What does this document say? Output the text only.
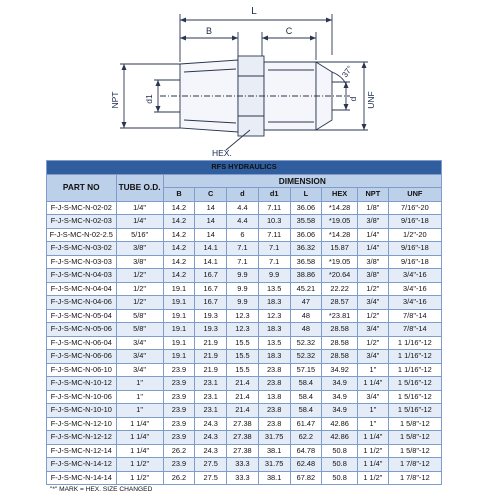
L
B	C
NPT	d1	d UNF
37°
HEX.
RFS HYDRAULICS									
PART NO	TUBE O.D.	DIMENSION							
		B	C	d	d1	L	HEX	NPT	UNF
F-J-S-MC-N-02-02	1/4"	14.2	14	4.4	7.11	36.06	*14.28	1/8"	7/16"-20
F-J-S-MC-N-02-03	1/4"	14.2	14	4.4	10.3	35.58	*19.05	3/8"	9/16"-18
F-J-S-MC-N-02-2.5	5/16"	14.2	14	6	7.11	36.06	*14.28	1/4"	1/2"-20
F-J-S-MC-N-03-02	3/8"	14.2	14.1	7.1	7.1	36.32	15.87	1/4"	9/16"-18
F-J-S-MC-N-03-03	3/8"	14.2	14.1	7.1	7.1	36.58	*19.05	3/8"	9/16"-18
F-J-S-MC-N-04-03	1/2"	14.2	16.7	9.9	9.9	38.86	*20.64	3/8"	3/4"-16
F-J-S-MC-N-04-04	1/2"	19.1	16.7	9.9	13.5	45.21	22.22	1/2"	3/4"-16
F-J-S-MC-N-04-06	1/2"	19.1	16.7	9.9	18.3	47	28.57	3/4"	3/4"-16
F-J-S-MC-N-05-04	5/8"	19.1	19.3	12.3	12.3	48	*23.81	1/2"	7/8"-14
F-J-S-MC-N-05-06	5/8"	19.1	19.3	12.3	18.3	48	28.58	3/4"	7/8"-14
F-J-S-MC-N-06-04	3/4"	19.1	21.9	15.5	13.5	52.32	28.58	1/2"	1 1/16"-12
F-J-S-MC-N-06-06	3/4"	19.1	21.9	15.5	18.3	52.32	28.58	3/4"	1 1/16"-12
F-J-S-MC-N-06-10	3/4"	23.9	21.9	15.5	23.8	57.15	34.92	1"	1 1/16"-12
F-J-S-MC-N-10-12	1"	23.9	23.1	21.4	23.8	58.4	34.9	1 1/4"	1 5/16"-12
F-J-S-MC-N-10-06	1"	23.9	23.1	21.4	13.8	58.4	34.9	3/4"	1 5/16"-12
F-J-S-MC-N-10-10	1"	23.9	23.1	21.4	23.8	58.4	34.9	1"	1 5/16"-12
F-J-S-MC-N-12-10	1 1/4"	23.9	24.3	27.38	23.8	61.47	42.86	1"	1 5/8"-12
F-J-S-MC-N-12-12	1 1/4"	23.9	24.3	27.38	31.75	62.2	42.86	1 1/4"	1 5/8"-12
F-J-S-MC-N-12-14	1 1/4"	26.2	24.3	27.38	38.1	64.78	50.8	1 1/2"	1 5/8"-12
F-J-S-MC-N-14-12	1 1/2"	23.9	27.5	33.3	31.75	62.48	50.8	1 1/4"	1 7/8"-12
F-J-S-MC-N-14-14	1 1/2"	26.2	27.5	33.3	38.1	67.82	50.8	1 1/2"	1 7/8"-12
"*" MARK = HEX. SIZE CHANGED
